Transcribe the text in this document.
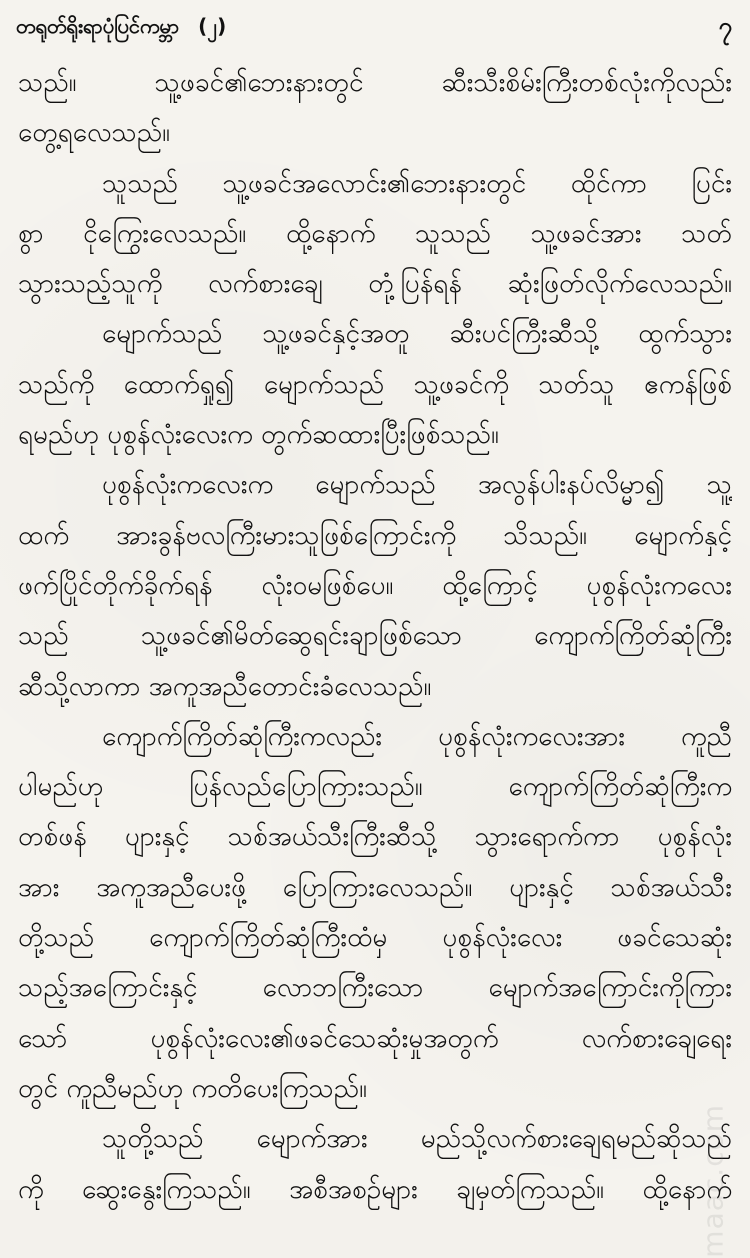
တရုတ်ရိုးရာပုံပြင်ကမ္ဘာ (၂)	၇
သည်။ သူ့ဖခင်၏ဘေးနားတွင် ဆီးသီးစိမ်းကြီးတစ်လုံးကိုလည်း
တွေ့ရလေသည်။
သူသည် သူ့ဖခင်အလောင်း၏ဘေးနားတွင် ထိုင်ကာ ပြင်း
စွာ ငိုကြွေးလေသည်။ ထို့နောက် သူသည် သူ့ဖခင်အား သတ်
သွားသည့်သူကို လက်စားချေ တုံ့ပြန်ရန် ဆုံးဖြတ်လိုက်လေသည်။
မျောက်သည် သူ့ဖခင်နှင့်အတူ ဆီးပင်ကြီးဆီသို့ ထွက်သွား
သည်ကို ထောက်ရှု၍ မျောက်သည် သူ့ဖခင်ကို သတ်သူ ဧကန်ဖြစ်
ရမည်ဟု ပုစွန်လုံးလေးက တွက်ဆထားပြီးဖြစ်သည်။
ပုစွန်လုံးကလေးက မျောက်သည် အလွန်ပါးနပ်လိမ္မာ၍ သူ့
ထက် အားခွန်ဗလကြီးမားသူဖြစ်ကြောင်းကို သိသည်။ မျောက်နှင့်
ဖက်ပြိုင်တိုက်ခိုက်ရန် လုံး၀မဖြစ်ပေ။ ထို့ကြောင့် ပုစွန်လုံးကလေး
သည် သူ့ဖခင်၏မိတ်ဆွေရင်းချာဖြစ်သော ကျောက်ကြိတ်ဆုံကြီး
ဆီသို့လာကာ အကူအညီတောင်းခံလေသည်။
ကျောက်ကြိတ်ဆုံကြီးကလည်း ပုစွန်လုံးကလေးအား ကူညီ
ပါမည်ဟု ပြန်လည်ပြောကြားသည်။ ကျောက်ကြိတ်ဆုံကြီးက
တစ်ဖန် ပျားနှင့် သစ်အယ်သီးကြီးဆီသို့ သွားရောက်ကာ ပုစွန်လုံး
အား အကူအညီပေးဖို့ ပြောကြားလေသည်။ ပျားနှင့် သစ်အယ်သီး
တို့သည် ကျောက်ကြိတ်ဆုံကြီးထံမှ ပုစွန်လုံးလေး ဖခင်သေဆုံး
သည့်အကြောင်းနှင့် လောဘကြီးသော မျောက်အကြောင်းကိုကြား
သော် ပုစွန်လုံးလေး၏ဖခင်သေဆုံးမှုအတွက် လက်စားချေရေး
တွင် ကူညီမည်ဟု ကတိပေးကြသည်။
သူတို့သည် မျောက်အား မည်သို့လက်စားချေရမည်ဆိုသည်
ကို ဆွေးနွေးကြသည်။ အစီအစဉ်များ ချမှတ်ကြသည်။ ထို့နောက်
maac.com
